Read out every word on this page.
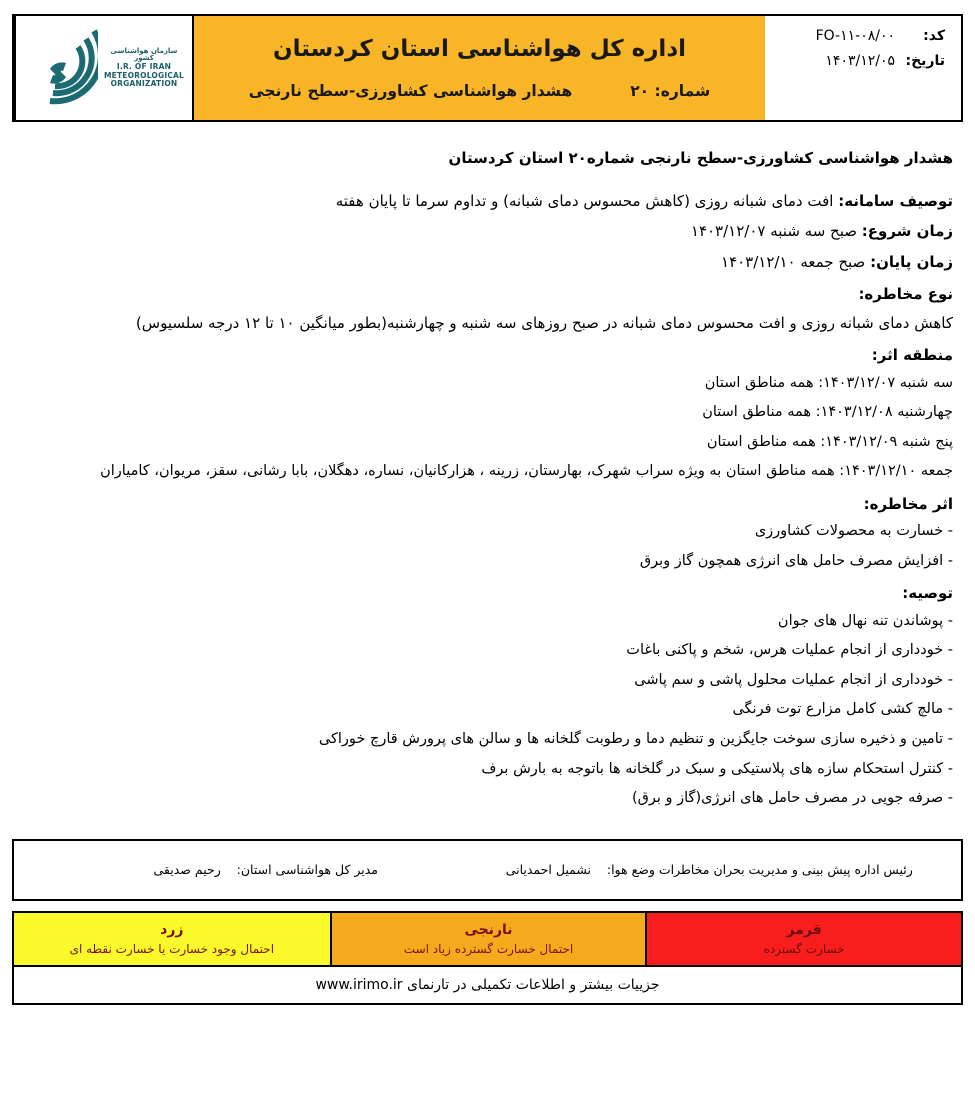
کد:
FO-۱۱-۰۸/۰۰
تاریخ:
۱۴۰۳/۱۲/۰۵
اداره کل هواشناسی استان کردستان
شماره: ۲۰
هشدار هواشناسی کشاورزی-سطح نارنجی
سازمان هواشناسی کشور
I.R. OF IRAN
METEOROLOGICAL
ORGANIZATION
هشدار هواشناسی کشاورزی-سطح نارنجی شماره۲۰ استان کردستان
توصیف سامانه: افت دمای شبانه روزی (کاهش محسوس دمای شبانه) و تداوم سرما تا پایان هفته
زمان شروع: صبح سه شنبه ۱۴۰۳/۱۲/۰۷
زمان پایان: صبح جمعه ۱۴۰۳/۱۲/۱۰
نوع مخاطره:
کاهش دمای شبانه روزی و افت محسوس دمای شبانه در صبح روزهای سه شنبه و چهارشنبه(بطور میانگین ۱۰ تا ۱۲ درجه سلسیوس)
منطقه اثر:
سه شنبه ۱۴۰۳/۱۲/۰۷: همه مناطق استان
چهارشنبه ۱۴۰۳/۱۲/۰۸: همه مناطق استان
پنج شنبه ۱۴۰۳/۱۲/۰۹: همه مناطق استان
جمعه ۱۴۰۳/۱۲/۱۰: همه مناطق استان به ویژه سراب شهرک، بهارستان، زرینه ، هزارکانیان، نساره، دهگلان، بابا رشانی، سقز، مریوان، کامیاران
اثر مخاطره:
- خسارت به محصولات کشاورزی
- افزایش مصرف حامل های انرژی همچون گاز وبرق
توصیه:
- پوشاندن تنه نهال های جوان
- خودداری از انجام عملیات هرس، شخم و پاکنی باغات
- خودداری از انجام عملیات محلول پاشی و سم پاشی
- مالچ کشی کامل مزارع توت فرنگی
- تامین و ذخیره سازی سوخت جایگزین و تنظیم دما و رطوبت گلخانه ها و سالن های پرورش قارچ خوراکی
- کنترل استحکام سازه های پلاستیکی و سبک در گلخانه ها باتوجه به بارش برف
- صرفه جویی در مصرف حامل های انرژی(گاز و برق)
رئیس اداره پیش بینی و مدیریت بحران مخاطرات وضع هوا:    نشمیل احمدیانی
مدیر کل هواشناسی استان:    رحیم صدیقی
قرمز
خسارت گسترده
نارنجی
احتمال خسارت گسترده زیاد است
زرد
احتمال وجود خسارت یا خسارت نقطه ای
جزییات بیشتر و اطلاعات تکمیلی در تارنمای

www.irimo.ir
